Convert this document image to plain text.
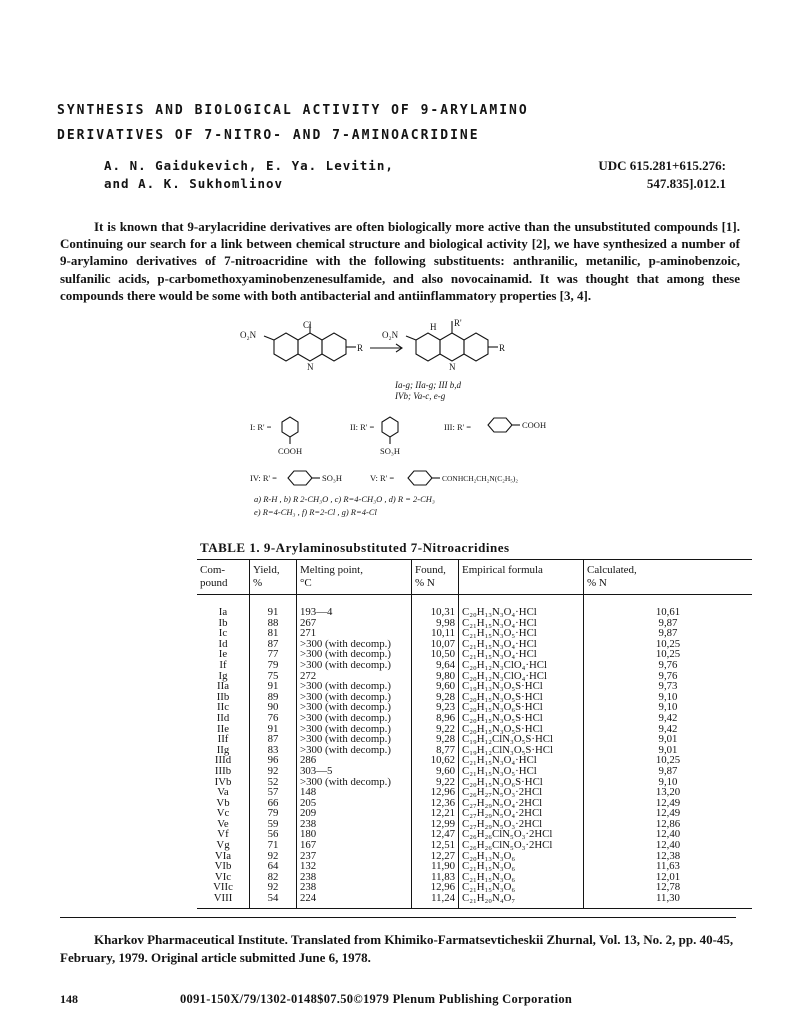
SYNTHESIS AND BIOLOGICAL ACTIVITY OF 9-ARYLAMINO
DERIVATIVES OF 7-NITRO- AND 7-AMINOACRIDINE
A. N. Gaidukevich, E. Ya. Levitin,
and A. K. Sukhomlinov
UDC 615.281+615.276:
547.835].012.1

It is known that 9-arylacridine derivatives are often biologically more active than the unsubstituted compounds [1]. Continuing our search for a link between chemical structure and biological activity [2], we have synthesized a number of 9-arylamino derivatives of 7-nitroacridine with the following substituents: anthranilic, metanilic, p-aminobenzoic, sulfanilic acids, p-carbomethoxyaminobenzenesulfamide, and also novocainamid. It was thought that among these compounds there would be some with both antibacterial and antiinflammatory properties [3, 4].

Cl
O₂N
N
R
H R'
O₂N
N
R
Ia-g; IIa-g; III b,d
IVb; Va-c, e-g
I: R' =
COOH
II: R' =
SO₃H
III: R' =	COOH
IV: R' =	SO₃H	V: R' =	CONHCH₂CH₂N(C₂H₅)₂
a) R-H , b) R 2-CH₃O , c) R=4-CH₃O , d) R = 2-CH₃
e) R=4-CH₃ , f) R=2-Cl , g) R=4-Cl
TABLE 1. 9-Arylaminosubstituted 7-Nitroacridines
Com-
pound	Yield,
%	Melting point,
°C	Found,
% N	Empirical formula	Calculated,
% N
Ia	91	193—4	10,31	C₂₀H₁₃N₃O₄·HCl	10,61
Ib	88	267	9,98	C₂₁H₁₅N₃O₄·HCl	9,87
Ic	81	271	10,11	C₂₁H₁₅N₃O₅·HCl	9,87
Id	87	>300 (with decomp.)	10,07	C₂₁H₁₅N₃O₄·HCl	10,25
Ie	77	>300 (with decomp.)	10,50	C₂₁H₁₅N₃O₄·HCl	10,25
If	79	>300 (with decomp.)	9,64	C₂₀H₁₂N₃ClO₄·HCl	9,76
Ig	75	272	9,80	C₂₀H₁₂N₃ClO₄·HCl	9,76
IIa	91	>300 (with decomp.)	9,60	C₁₉H₁₃N₃O₅S·HCl	9,73
IIb	89	>300 (with decomp.)	9,28	C₂₀H₁₅N₃O₅S·HCl	9,10
IIc	90	>300 (with decomp.)	9,23	C₂₀H₁₅N₃O₆S·HCl	9,10
IId	76	>300 (with decomp.)	8,96	C₂₀H₁₅N₃O₅S·HCl	9,42
IIe	91	>300 (with decomp.)	9,22	C₂₀H₁₅N₃O₅S·HCl	9,42
IIf	87	>300 (with decomp.)	9,28	C₁₉H₁₂ClN₃O₅S·HCl	9,01
IIg	83	>300 (with decomp.)	8,77	C₁₉H₁₂ClN₃O₅S·HCl	9,01
IIId	96	286	10,62	C₂₁H₁₅N₃O₄·HCl	10,25
IIIb	92	303—5	9,60	C₂₁H₁₅N₃O₅·HCl	9,87
IVb	52	>300 (with decomp.)	9,22	C₂₀H₁₅N₃O₆S·HCl	9,10
Va	57	148	12,96	C₂₆H₂₇N₅O₃·2HCl	13,20
Vb	66	205	12,36	C₂₇H₂₉N₅O₄·2HCl	12,49
Vc	79	209	12,21	C₂₇H₂₉N₅O₄·2HCl	12,49
Ve	59	238	12,99	C₂₇H₂₉N₅O₃·2HCl	12,86
Vf	56	180	12,47	C₂₆H₂₆ClN₅O₃·2HCl	12,40
Vg	71	167	12,51	C₂₆H₂₆ClN₅O₃·2HCl	12,40
VIa	92	237	12,27	C₂₀H₁₃N₃O₆	12,38
VIb	64	132	11,90	C₂₁H₁₅N₃O₆	11,63
VIc	82	238	11,83	C₂₁H₁₅N₃O₆	12,01
VIIc	92	238	12,96	C₂₁H₁₅N₃O₆	12,78
VIII	54	224	11,24	C₂₁H₂₀N₄O₇	11,30

Kharkov Pharmaceutical Institute. Translated from Khimiko-Farmatsevticheskii Zhurnal, Vol. 13, No. 2, pp. 40-45, February, 1979. Original article submitted June 6, 1978.

148	0091-150X/79/1302-0148$07.50©1979 Plenum Publishing Corporation
